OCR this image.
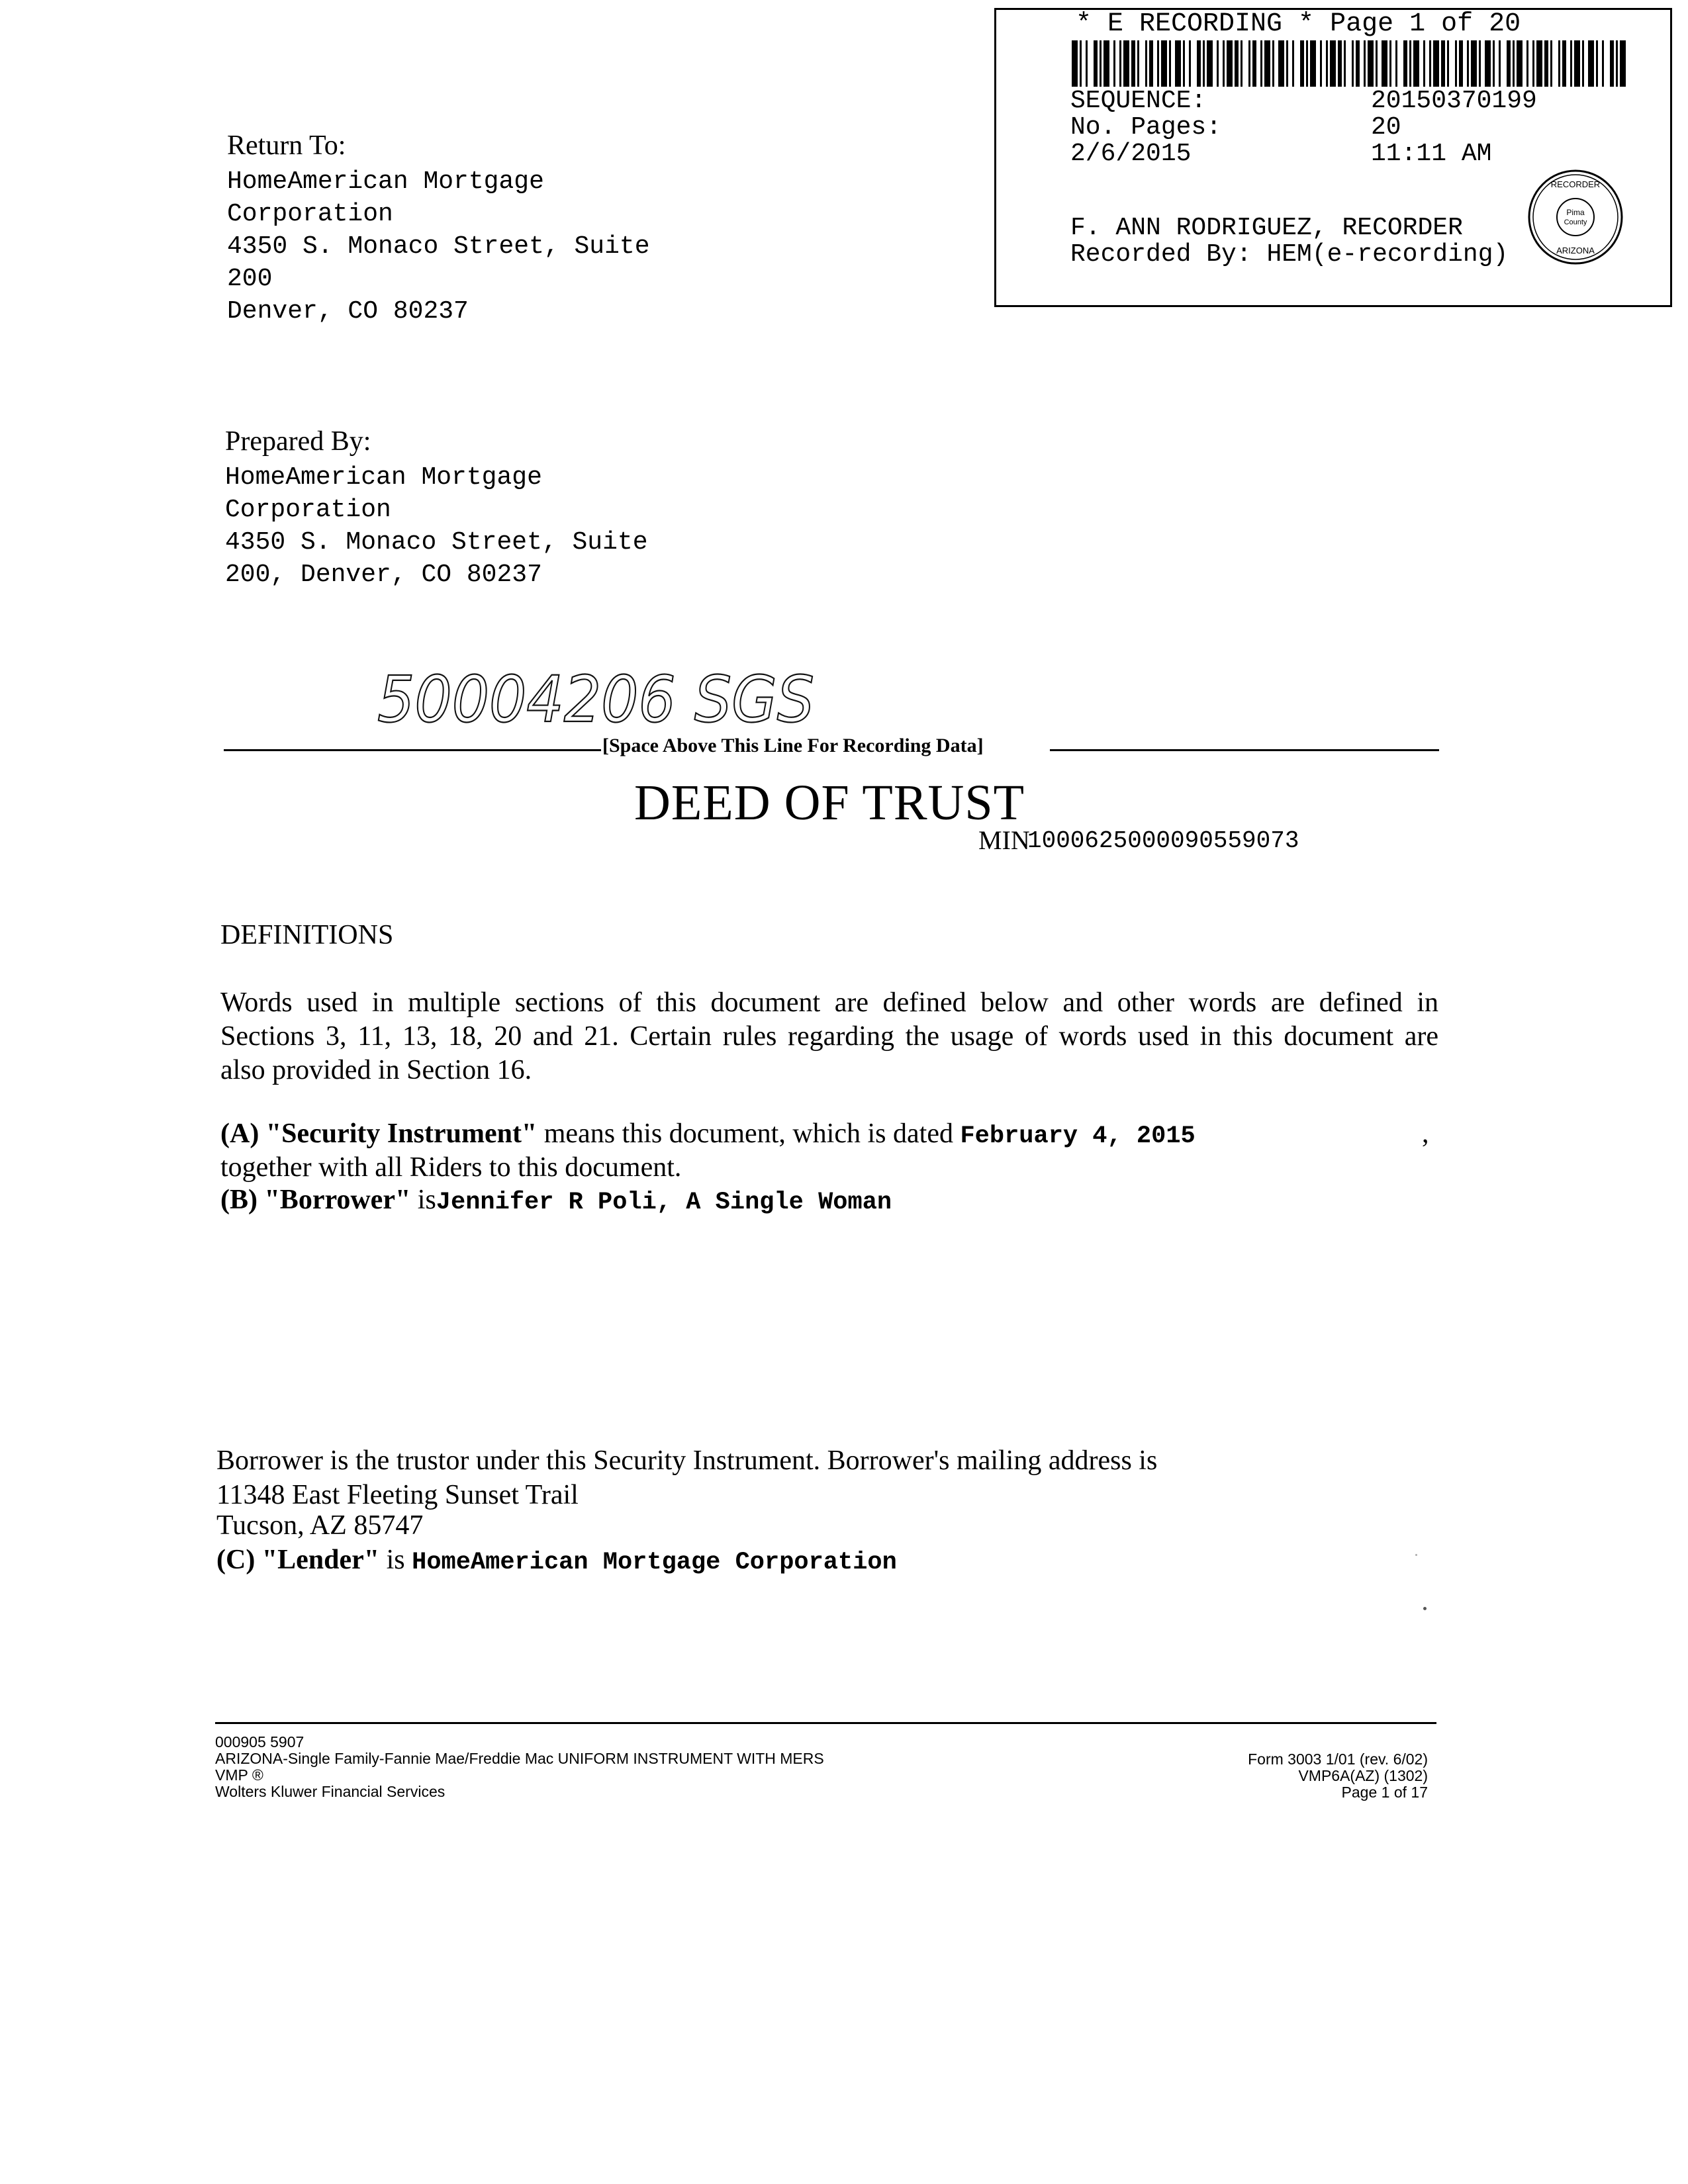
* E RECORDING * Page 1 of 20
SEQUENCE:	20150370199
No. Pages:	20
2/6/2015	11:11 AM
F. ANN RODRIGUEZ, RECORDER
Recorded By: HEM(e-recording)
Pima
County
RECORDER
ARIZONA
Return To:
HomeAmerican Mortgage
Corporation
4350 S. Monaco Street, Suite
200
Denver, CO 80237
Prepared By:
HomeAmerican Mortgage
Corporation
4350 S. Monaco Street, Suite
200, Denver, CO 80237
50004206 SGS
[Space Above This Line For Recording Data]
DEED OF TRUST
MIN
1000625000090559073
DEFINITIONS
Words used in multiple sections of this document are defined below and other words are defined in
Sections 3, 11, 13, 18, 20 and 21. Certain rules regarding the usage of words used in this document are
also provided in Section 16.
(A) "Security Instrument" means this document, which is dated February 4, 2015	,
together with all Riders to this document.
(B) "Borrower" isJennifer R Poli, A Single Woman
Borrower is the trustor under this Security Instrument. Borrower's mailing address is
11348 East Fleeting Sunset Trail
Tucson, AZ 85747
(C) "Lender" is HomeAmerican Mortgage Corporation
000905 5907
ARIZONA-Single Family-Fannie Mae/Freddie Mac UNIFORM INSTRUMENT WITH MERS
VMP ®
Wolters Kluwer Financial Services
Form 3003 1/01 (rev. 6/02)
VMP6A(AZ) (1302)
Page 1 of 17
